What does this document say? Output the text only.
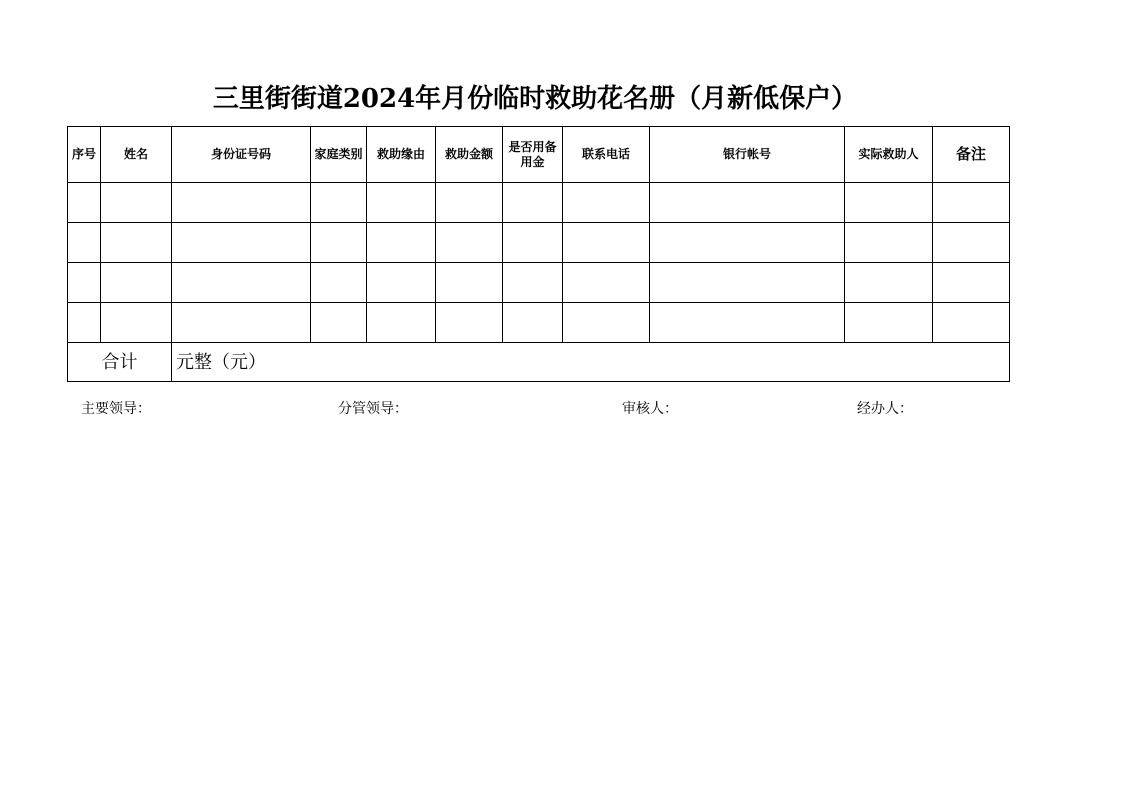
三里街街道2024年月份临时救助花名册（月新低保户）
序号	姓名	身份证号码	家庭类别	救助缘由	救助金额	是否用备用金	联系电话	银行帐号	实际救助人	备注

合计		元整（元）								
主要领导：	分管领导：	审核人：	经办人：
